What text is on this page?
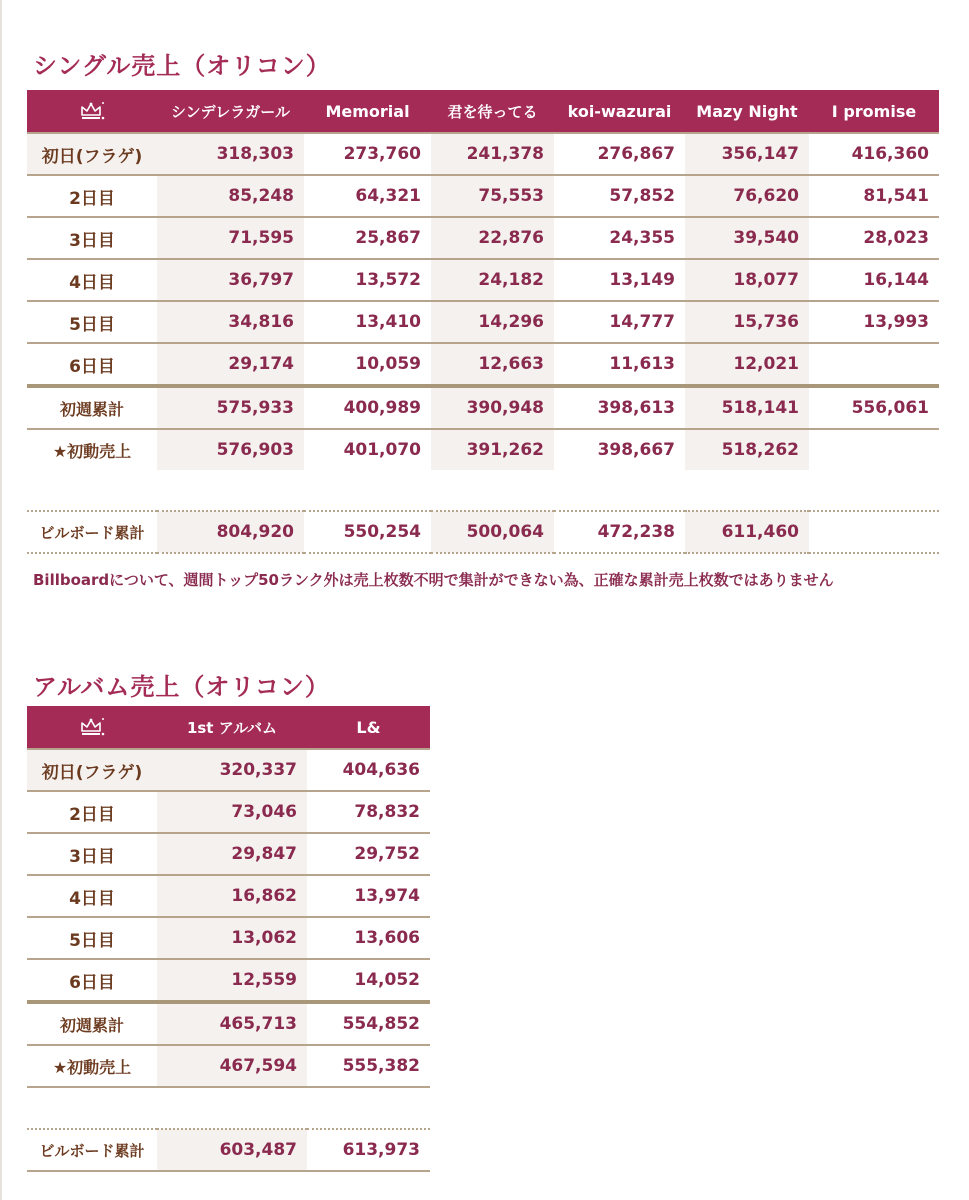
シングル売上（オリコン）
	シンデレラガール	Memorial	君を待ってる	koi-wazurai	Mazy Night	I promise
初日(フラゲ)	318,303	273,760	241,378	276,867	356,147	416,360
2日目	85,248	64,321	75,553	57,852	76,620	81,541
3日目	71,595	25,867	22,876	24,355	39,540	28,023
4日目	36,797	13,572	24,182	13,149	18,077	16,144
5日目	34,816	13,410	14,296	14,777	15,736	13,993
6日目	29,174	10,059	12,663	11,613	12,021	
初週累計	575,933	400,989	390,948	398,613	518,141	556,061
★初動売上	576,903	401,070	391,262	398,667	518,262	

ビルボード累計	804,920	550,254	500,064	472,238	611,460	

Billboardについて、週間トップ50ランク外は売上枚数不明で集計ができない為、正確な累計売上枚数ではありません

アルバム売上（オリコン）
	1st アルバム	L&
初日(フラゲ)	320,337	404,636
2日目	73,046	78,832
3日目	29,847	29,752
4日目	16,862	13,974
5日目	13,062	13,606
6日目	12,559	14,052
初週累計	465,713	554,852
★初動売上	467,594	555,382

ビルボード累計	603,487	613,973
